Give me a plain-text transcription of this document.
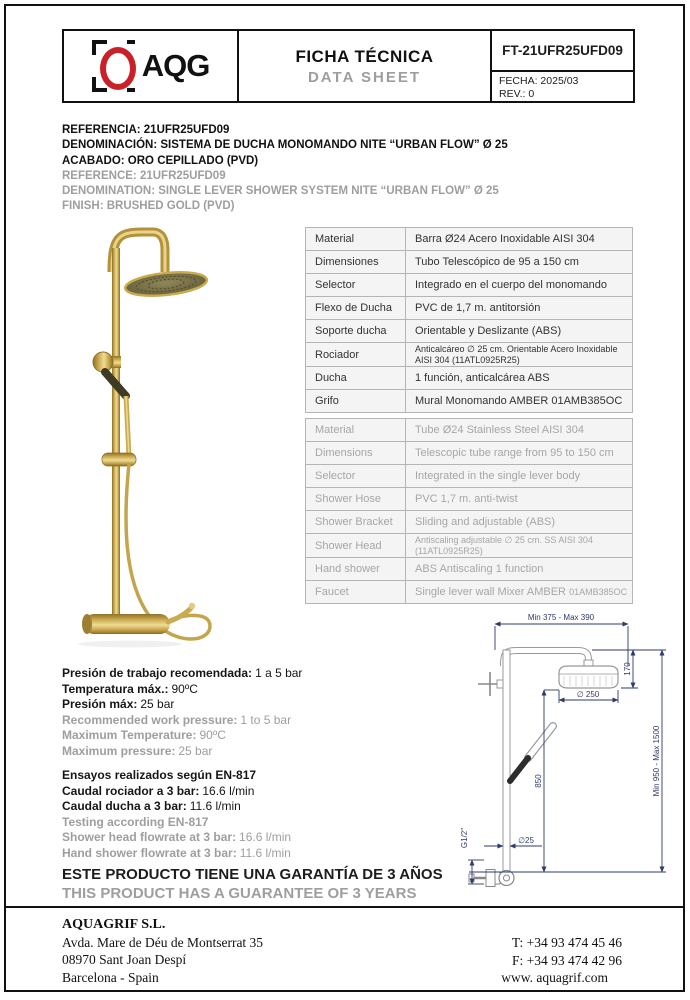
AQG	FICHA TÉCNICA
DATA SHEET
FT-21UFR25UFD09
FECHA: 2025/03
REV.: 0
REFERENCIA: 21UFR25UFD09
DENOMINACIÓN: SISTEMA DE DUCHA MONOMANDO NITE “URBAN FLOW” Ø 25
ACABADO: ORO CEPILLADO (PVD)
REFERENCE: 21UFR25UFD09
DENOMINATION: SINGLE LEVER SHOWER SYSTEM NITE “URBAN FLOW” Ø 25
FINISH: BRUSHED GOLD (PVD)
Material	Barra Ø24 Acero Inoxidable AISI 304
Dimensiones	Tubo Telescópico de 95 a 150 cm
Selector	Integrado en el cuerpo del monomando
Flexo de Ducha	PVC de 1,7 m. antitorsión
Soporte ducha	Orientable y Deslizante (ABS)
Rociador	Anticalcáreo ∅ 25 cm. Orientable Acero Inoxidable AISI 304 (11ATL0925R25)
Ducha	1 función, anticalcárea ABS
Grifo	Mural Monomando AMBER 01AMB385OC
Material	Tube Ø24 Stainless Steel AISI 304
Dimensions	Telescopic tube range from 95 to 150 cm
Selector	Integrated in the single lever body
Shower Hose	PVC 1,7 m. anti-twist
Shower Bracket	Sliding and adjustable (ABS)
Shower Head	Antiscaling adjustable ∅ 25 cm. SS AISI 304 (11ATL0925R25)
Hand shower	ABS Antiscaling 1 function
Faucet	Single lever wall Mixer AMBER 01AMB385OC
Presión de trabajo recomendada: 1 a 5 bar
Temperatura máx.: 90ºC
Presión máx: 25 bar
Recommended work pressure: 1 to 5 bar
Maximum Temperature: 90ºC
Maximum pressure: 25 bar
Ensayos realizados según EN-817
Caudal rociador a 3 bar: 16.6 l/min
Caudal ducha a 3 bar: 11.6 l/min
Testing according EN-817
Shower head flowrate at 3 bar: 16.6 l/min
Hand shower flowrate at 3 bar: 11.6 l/min
ESTE PRODUCTO TIENE UNA GARANTÍA DE 3 AÑOS
THIS PRODUCT HAS A GUARANTEE OF 3 YEARS
Min 375 - Max 390
170
∅ 250
850	Min 950 - Max 1500
∅25
G1/2"
AQUAGRIF S.L.
Avda. Mare de Déu de Montserrat 35
08970 Sant Joan Despí
Barcelona - Spain
T: +34 93 474 45 46
F: +34 93 474 42 96
www. aquagrif.com
